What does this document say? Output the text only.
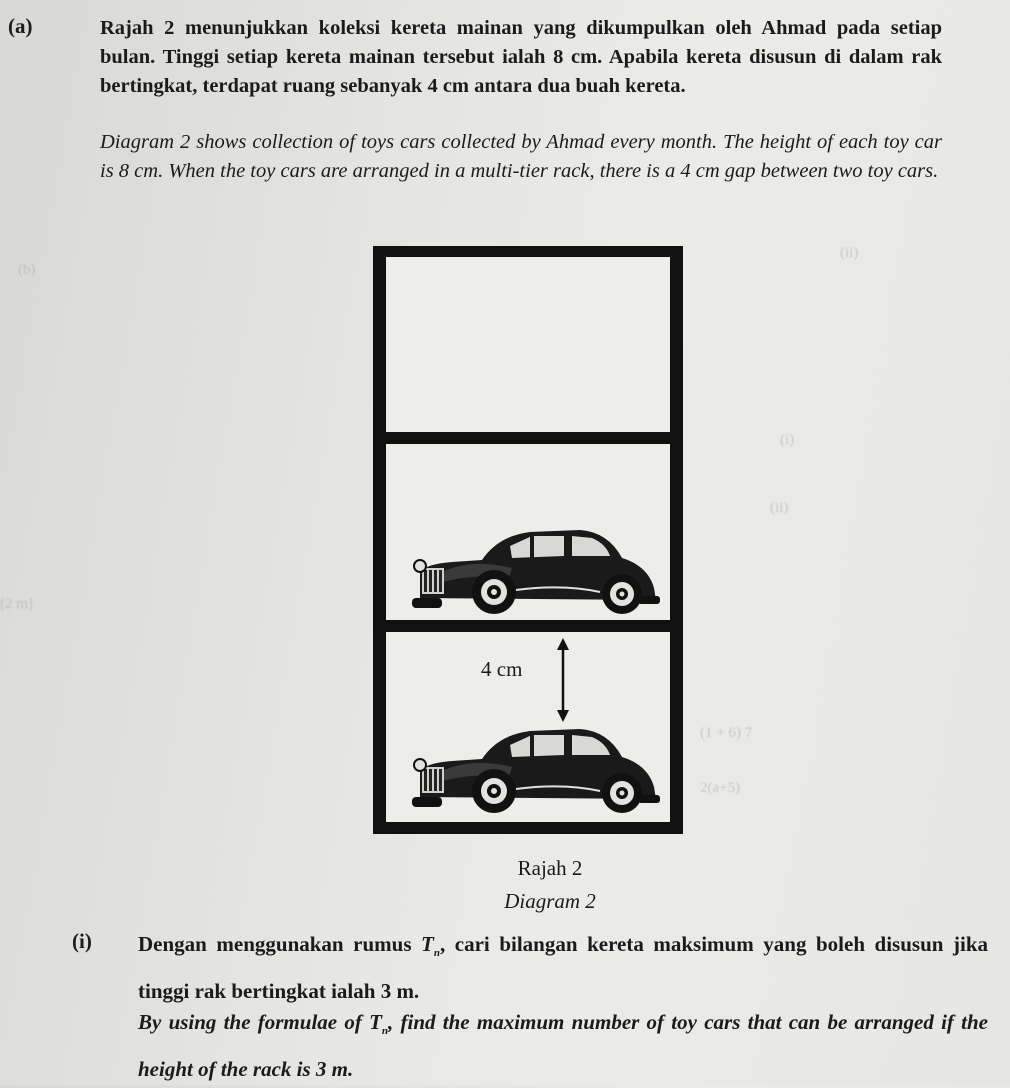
(b)
(ii)
(i)
(ii)
[2 m]
(1 + 6) 7
2(a+5)
(a)	Rajah 2 menunjukkan koleksi kereta mainan yang dikumpulkan oleh Ahmad pada setiap bulan. Tinggi setiap kereta mainan tersebut ialah 8 cm. Apabila kereta disusun di dalam rak bertingkat, terdapat ruang sebanyak 4 cm antara dua buah kereta.
Diagram 2 shows collection of toys cars collected by Ahmad every month. The height of each toy car is 8 cm. When the toy cars are arranged in a multi-tier rack, there is a 4 cm gap between two toy cars.
4 cm
Rajah 2
Diagram 2
(i) Dengan menggunakan rumus $T_n$, cari bilangan kereta maksimum yang boleh disusun jika tinggi rak bertingkat ialah 3 m.
By using the formulae of $T_n$, find the maximum number of toy cars that can be arranged if the height of the rack is 3 m.
